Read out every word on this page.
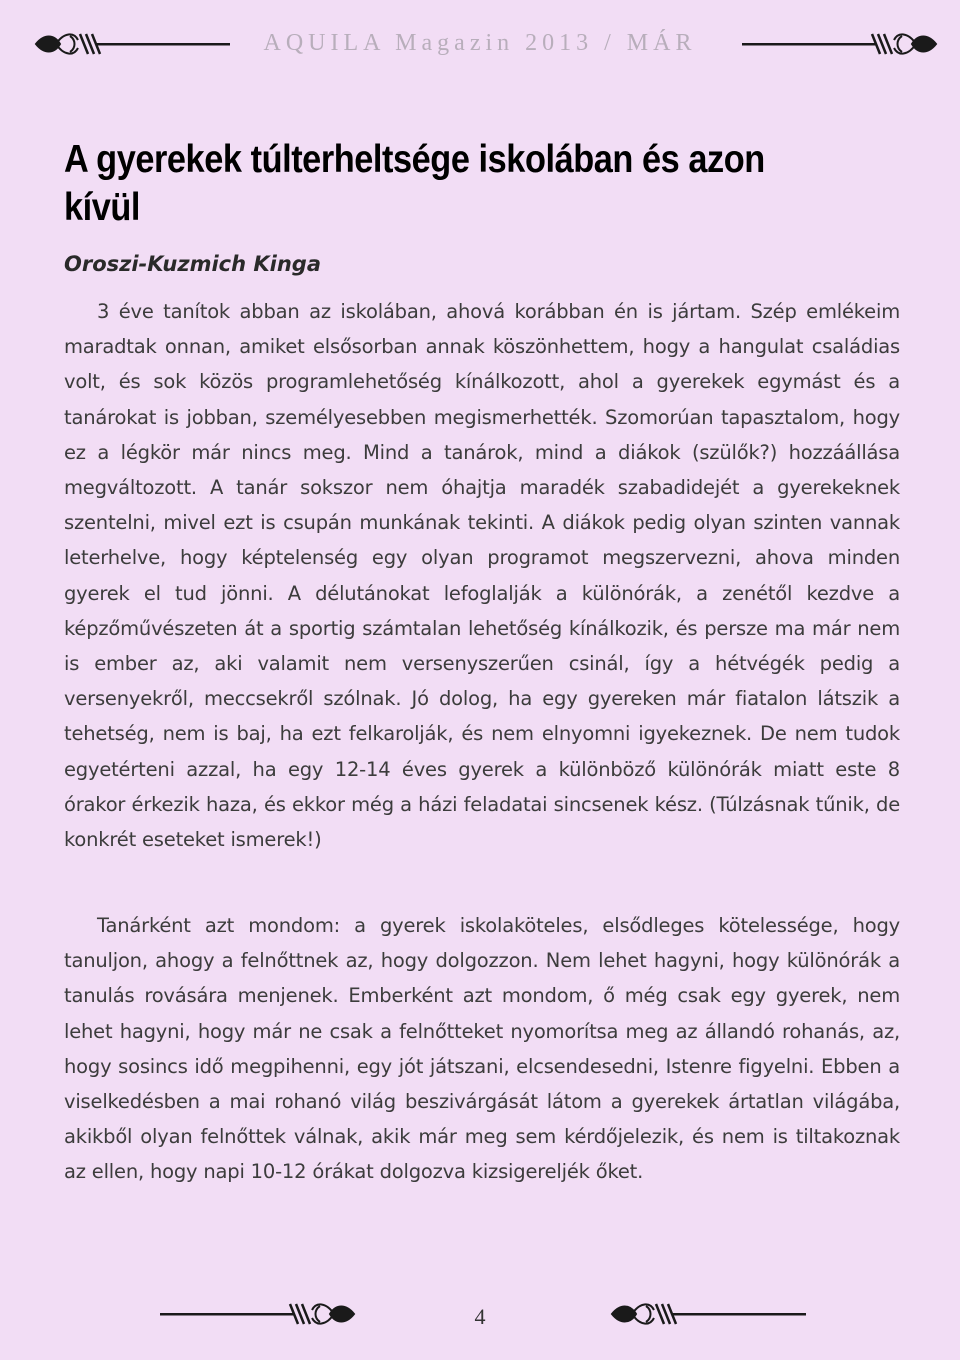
AQUILA Magazin 2013 / MÁR
A gyerekek túlterheltsége iskolában és azon kívül

Oroszi-Kuzmich Kinga

3 éve tanítok abban az iskolában, ahová korábban én is jártam. Szép emlékeim maradtak onnan, amiket elsősorban annak köszönhettem, hogy a hangulat családias volt, és sok közös programlehetőség kínálkozott, ahol a gyerekek egymást és a tanárokat is jobban, személyesebben megismerhették. Szomorúan tapasztalom, hogy ez a légkör már nincs meg. Mind a tanárok, mind a diákok (szülők?) hozzáállása megváltozott. A tanár sokszor nem óhajtja maradék szabadidejét a gyerekeknek szentelni, mivel ezt is csupán munkának tekinti. A diákok pedig olyan szinten vannak leterhelve, hogy képtelenség egy olyan programot megszervezni, ahova minden gyerek el tud jönni. A délutánokat lefoglalják a különórák, a zenétől kezdve a képzőművészeten át a sportig számtalan lehetőség kínálkozik, és persze ma már nem is ember az, aki valamit nem versenyszerűen csinál, így a hétvégék pedig a versenyekről, meccsekről szólnak. Jó dolog, ha egy gyereken már fiatalon látszik a tehetség, nem is baj, ha ezt felkarolják, és nem elnyomni igyekeznek. De nem tudok egyetérteni azzal, ha egy 12-14 éves gyerek a különböző különórák miatt este 8 órakor érkezik haza, és ekkor még a házi feladatai sincsenek kész. (Túlzásnak tűnik, de konkrét eseteket ismerek!)

Tanárként azt mondom: a gyerek iskolaköteles, elsődleges kötelessége, hogy tanuljon, ahogy a felnőttnek az, hogy dolgozzon. Nem lehet hagyni, hogy különórák a tanulás rovására menjenek. Emberként azt mondom, ő még csak egy gyerek, nem lehet hagyni, hogy már ne csak a felnőtteket nyomorítsa meg az állandó rohanás, az, hogy sosincs idő megpihenni, egy jót játszani, elcsendesedni, Istenre figyelni. Ebben a viselkedésben a mai rohanó világ beszivárgását látom a gyerekek ártatlan világába, akikből olyan felnőttek válnak, akik már meg sem kérdőjelezik, és nem is tiltakoznak az ellen, hogy napi 10-12 órákat dolgozva kizsigereljék őket.

4
